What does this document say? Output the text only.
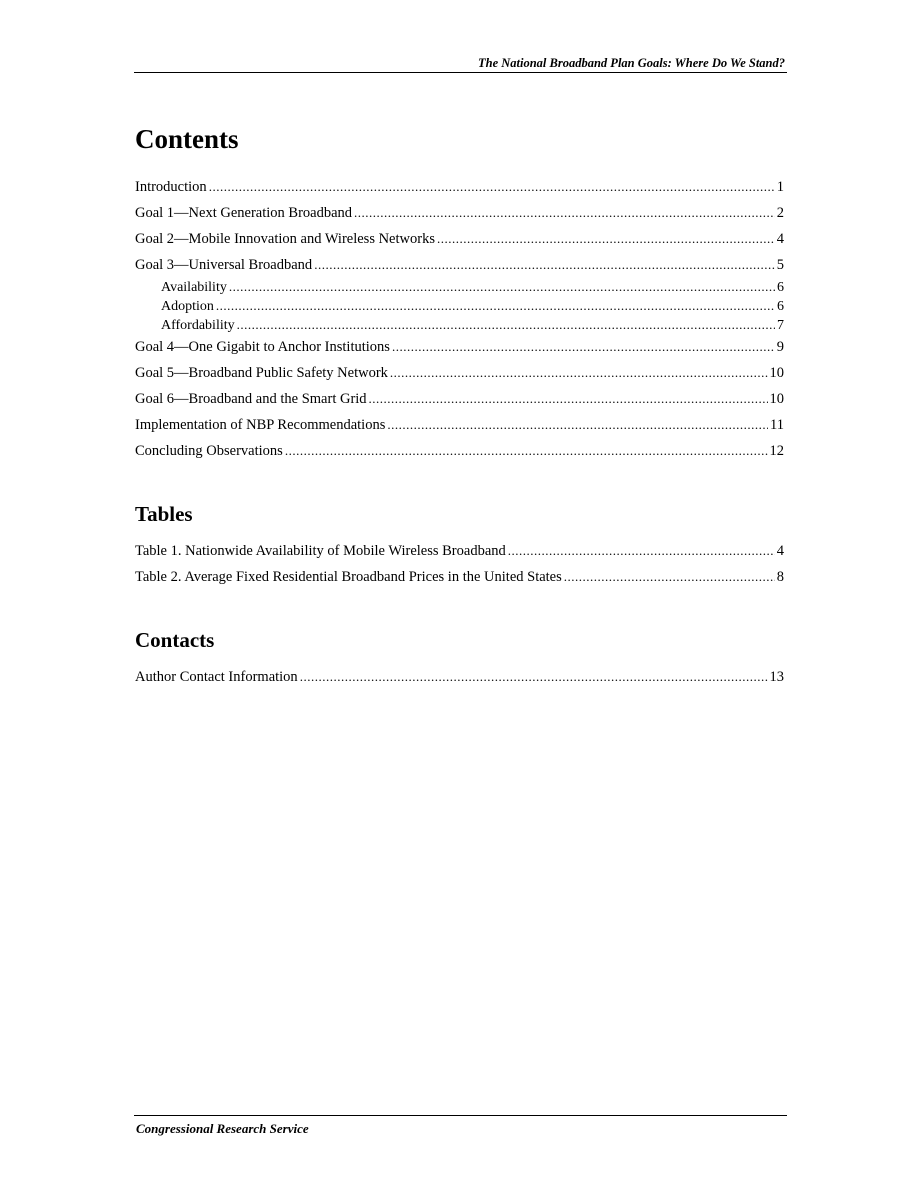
The National Broadband Plan Goals: Where Do We Stand?
Contents
Introduction .....	1
Goal 1—Next Generation Broadband .....	2
Goal 2—Mobile Innovation and Wireless Networks .....	4
Goal 3—Universal Broadband .....	5
Availability .....	6
Adoption .....	6
Affordability .....	7
Goal 4—One Gigabit to Anchor Institutions .....	9
Goal 5—Broadband Public Safety Network .....	10
Goal 6—Broadband and the Smart Grid .....	10
Implementation of NBP Recommendations .....	11
Concluding Observations .....	12
Tables
Table 1. Nationwide Availability of Mobile Wireless Broadband .....	4
Table 2. Average Fixed Residential Broadband Prices in the United States .....	8
Contacts
Author Contact Information .....	13
Congressional Research Service
